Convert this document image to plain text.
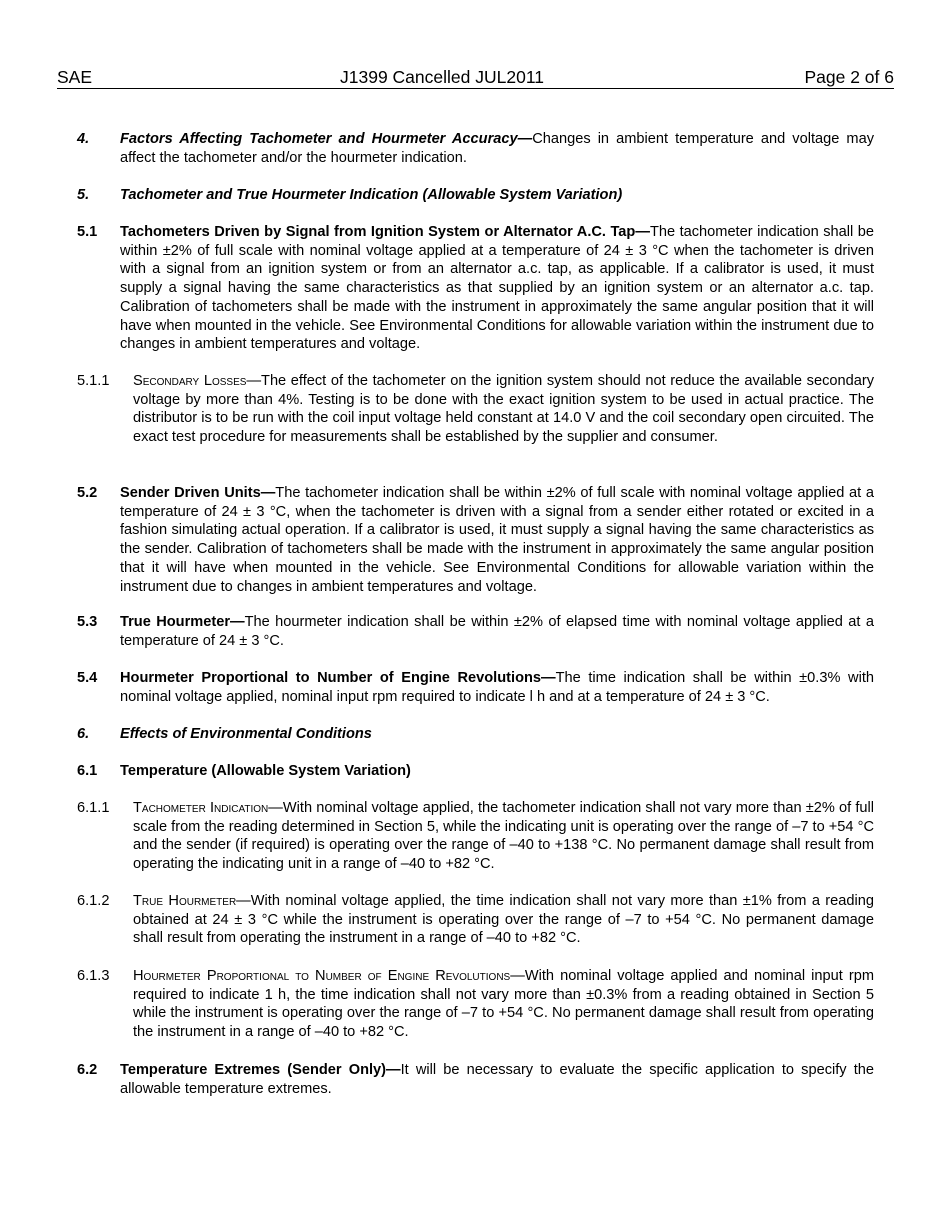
SAE	J1399 Cancelled JUL2011	Page 2 of 6
4. Factors Affecting Tachometer and Hourmeter Accuracy—Changes in ambient temperature and voltage may affect the tachometer and/or the hourmeter indication.
5. Tachometer and True Hourmeter Indication (Allowable System Variation)
5.1 Tachometers Driven by Signal from Ignition System or Alternator A.C. Tap—The tachometer indication shall be within ±2% of full scale with nominal voltage applied at a temperature of 24 ± 3 °C when the tachometer is driven with a signal from an ignition system or from an alternator a.c. tap, as applicable. If a calibrator is used, it must supply a signal having the same characteristics as that supplied by an ignition system or an alternator a.c. tap. Calibration of tachometers shall be made with the instrument in approximately the same angular position that it will have when mounted in the vehicle. See Environmental Conditions for allowable variation within the instrument due to changes in ambient temperatures and voltage.
5.1.1 Secondary Losses—The effect of the tachometer on the ignition system should not reduce the available secondary voltage by more than 4%. Testing is to be done with the exact ignition system to be used in actual practice. The distributor is to be run with the coil input voltage held constant at 14.0 V and the coil secondary open circuited. The exact test procedure for measurements shall be established by the supplier and consumer.
5.2 Sender Driven Units—The tachometer indication shall be within ±2% of full scale with nominal voltage applied at a temperature of 24 ± 3 °C, when the tachometer is driven with a signal from a sender either rotated or excited in a fashion simulating actual operation. If a calibrator is used, it must supply a signal having the same characteristics as the sender. Calibration of tachometers shall be made with the instrument in approximately the same angular position that it will have when mounted in the vehicle. See Environmental Conditions for allowable variation within the instrument due to changes in ambient temperatures and voltage.
5.3 True Hourmeter—The hourmeter indication shall be within ±2% of elapsed time with nominal voltage applied at a temperature of 24 ± 3 °C.
5.4 Hourmeter Proportional to Number of Engine Revolutions—The time indication shall be within ±0.3% with nominal voltage applied, nominal input rpm required to indicate l h and at a temperature of 24 ± 3 °C.
6. Effects of Environmental Conditions
6.1 Temperature (Allowable System Variation)
6.1.1 Tachometer Indication—With nominal voltage applied, the tachometer indication shall not vary more than ±2% of full scale from the reading determined in Section 5, while the indicating unit is operating over the range of –7 to +54 °C and the sender (if required) is operating over the range of –40 to +138 °C. No permanent damage shall result from operating the indicating unit in a range of –40 to +82 °C.
6.1.2 True Hourmeter—With nominal voltage applied, the time indication shall not vary more than ±1% from a reading obtained at 24 ± 3 °C while the instrument is operating over the range of –7 to +54 °C. No permanent damage shall result from operating the instrument in a range of –40 to +82 °C.
6.1.3 Hourmeter Proportional to Number of Engine Revolutions—With nominal voltage applied and nominal input rpm required to indicate 1 h, the time indication shall not vary more than ±0.3% from a reading obtained in Section 5 while the instrument is operating over the range of –7 to +54 °C. No permanent damage shall result from operating the instrument in a range of –40 to +82 °C.
6.2 Temperature Extremes (Sender Only)—It will be necessary to evaluate the specific application to specify the allowable temperature extremes.
